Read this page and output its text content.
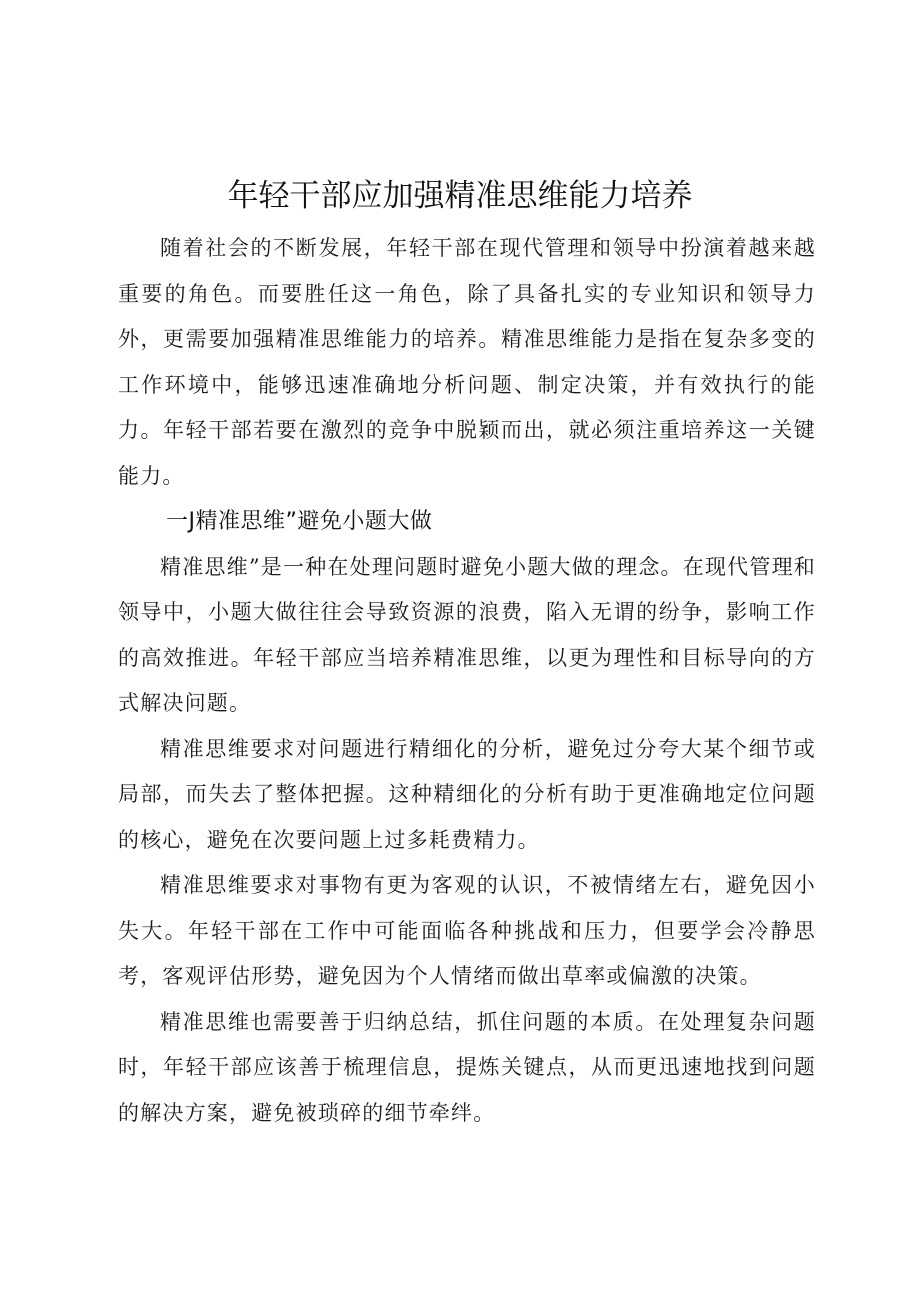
年轻干部应加强精准思维能力培养

随着社会的不断发展，年轻干部在现代管理和领导中扮演着越来越重要的角色。而要胜任这一角色，除了具备扎实的专业知识和领导力外，更需要加强精准思维能力的培养。精准思维能力是指在复杂多变的工作环境中，能够迅速准确地分析问题、制定决策，并有效执行的能力。年轻干部若要在激烈的竞争中脱颖而出，就必须注重培养这一关键能力。

一J精准思维”避免小题大做

精准思维”是一种在处理问题时避免小题大做的理念。在现代管理和领导中，小题大做往往会导致资源的浪费，陷入无谓的纷争，影响工作的高效推进。年轻干部应当培养精准思维，以更为理性和目标导向的方式解决问题。

精准思维要求对问题进行精细化的分析，避免过分夸大某个细节或局部，而失去了整体把握。这种精细化的分析有助于更准确地定位问题的核心，避免在次要问题上过多耗费精力。

精准思维要求对事物有更为客观的认识，不被情绪左右，避免因小失大。年轻干部在工作中可能面临各种挑战和压力，但要学会冷静思考，客观评估形势，避免因为个人情绪而做出草率或偏激的决策。

精准思维也需要善于归纳总结，抓住问题的本质。在处理复杂问题时，年轻干部应该善于梳理信息，提炼关键点，从而更迅速地找到问题的解决方案，避免被琐碎的细节牵绊。
